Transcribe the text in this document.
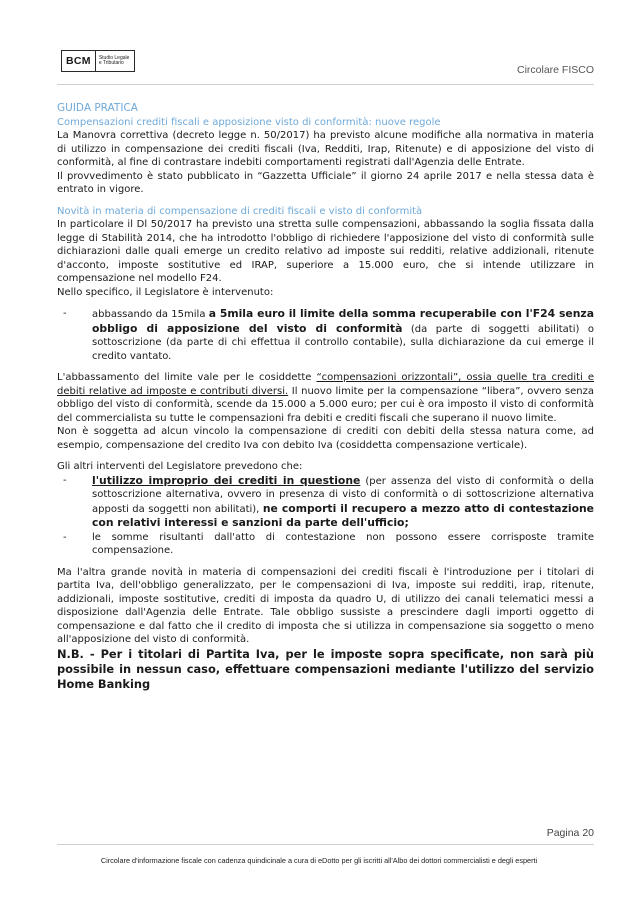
BCM	Studio Legale
e Tributario
Circolare FISCO

GUIDA PRATICA

Compensazioni crediti fiscali e apposizione visto di conformità: nuove regole

La Manovra correttiva (decreto legge n. 50/2017) ha previsto alcune modifiche alla normativa in materia di utilizzo in compensazione dei crediti fiscali (Iva, Redditi, Irap, Ritenute) e di apposizione del visto di conformità, al fine di contrastare indebiti comportamenti registrati dall'Agenzia delle Entrate.

Il provvedimento è stato pubblicato in “Gazzetta Ufficiale” il giorno 24 aprile 2017 e nella stessa data è entrato in vigore.

Novità in materia di compensazione di crediti fiscali e visto di conformità

In particolare il Dl 50/2017 ha previsto una stretta sulle compensazioni, abbassando la soglia fissata dalla legge di Stabilità 2014, che ha introdotto l'obbligo di richiedere l'apposizione del visto di conformità sulle dichiarazioni dalle quali emerge un credito relativo ad imposte sui redditi, relative addizionali, ritenute d'acconto, imposte sostitutive ed IRAP, superiore a 15.000 euro, che si intende utilizzare in compensazione nel modello F24.

Nello specifico, il Legislatore è intervenuto:

-	abbassando da 15mila a 5mila euro il limite della somma recuperabile con l'F24 senza obbligo di apposizione del visto di conformità (da parte di soggetti abilitati) o sottoscrizione (da parte di chi effettua il controllo contabile), sulla dichiarazione da cui emerge il credito vantato.

L'abbassamento del limite vale per le cosiddette “compensazioni orizzontali”, ossia quelle tra crediti e debiti relative ad imposte e contributi diversi. Il nuovo limite per la compensazione “libera”, ovvero senza obbligo del visto di conformità, scende da 15.000 a 5.000 euro; per cui è ora imposto il visto di conformità del commercialista su tutte le compensazioni fra debiti e crediti fiscali che superano il nuovo limite.

Non è soggetta ad alcun vincolo la compensazione di crediti con debiti della stessa natura come, ad esempio, compensazione del credito Iva con debito Iva (cosiddetta compensazione verticale).

Gli altri interventi del Legislatore prevedono che:

- l'utilizzo improprio dei crediti in questione (per assenza del visto di conformità o della sottoscrizione alternativa, ovvero in presenza di visto di conformità o di sottoscrizione alternativa apposti da soggetti non abilitati), ne comporti il recupero a mezzo atto di contestazione con relativi interessi e sanzioni da parte dell'ufficio;
-	le somme risultanti dall'atto di contestazione non possono essere corrisposte tramite compensazione.

Ma l'altra grande novità in materia di compensazioni dei crediti fiscali è l'introduzione per i titolari di partita Iva, dell'obbligo generalizzato, per le compensazioni di Iva, imposte sui redditi, irap, ritenute, addizionali, imposte sostitutive, crediti di imposta da quadro U, di utilizzo dei canali telematici messi a disposizione dall'Agenzia delle Entrate. Tale obbligo sussiste a prescindere dagli importi oggetto di compensazione e dal fatto che il credito di imposta che si utilizza in compensazione sia soggetto o meno all'apposizione del visto di conformità.

N.B. - Per i titolari di Partita Iva, per le imposte sopra specificate, non sarà più possibile in nessun caso, effettuare compensazioni mediante l'utilizzo del servizio Home Banking

Pagina 20
Circolare d'informazione fiscale con cadenza quindicinale a cura di eDotto per gli iscritti all'Albo dei dottori commercialisti e degli esperti
